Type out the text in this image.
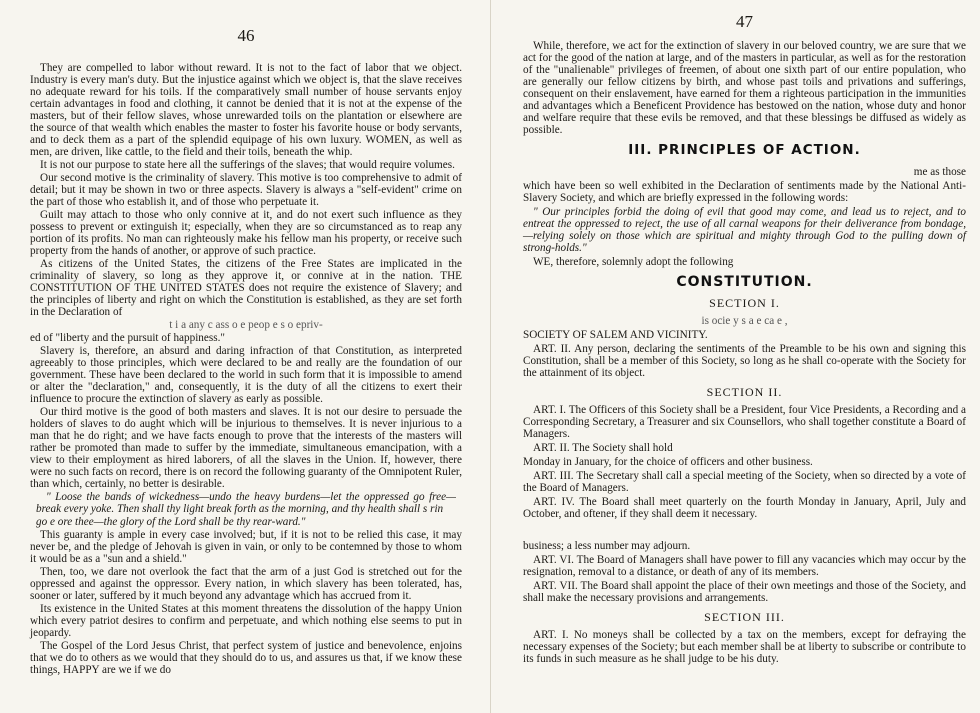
46

They are compelled to labor without reward. It is not to the fact of labor that we object. Industry is every man's duty. But the injustice against which we object is, that the slave receives no adequate reward for his toils. If the comparatively small number of house servants enjoy certain advantages in food and clothing, it cannot be denied that it is not at the expense of the masters, but of their fellow slaves, whose unrewarded toils on the plantation or elsewhere are the source of that wealth which enables the master to foster his favorite house or body servants, and to deck them as a part of the splendid equipage of his own luxury. WOMEN, as well as men, are driven, like cattle, to the field and their toils, beneath the whip.

It is not our purpose to state here all the sufferings of the slaves; that would require volumes.

Our second motive is the criminality of slavery. This motive is too comprehensive to admit of detail; but it may be shown in two or three aspects. Slavery is always a "self-evident" crime on the part of those who establish it, and of those who perpetuate it.

Guilt may attach to those who only connive at it, and do not exert such influence as they possess to prevent or extinguish it; especially, when they are so circumstanced as to reap any portion of its profits. No man can righteously make his fellow man his property, or receive such property from the hands of another, or approve of such practice.

As citizens of the United States, the citizens of the Free States are implicated in the criminality of slavery, so long as they approve it, or connive at in the nation. THE CONSTITUTION OF THE UNITED STATES does not require the existence of Slavery; and the principles of liberty and right on which the Constitution is established, as they are set forth in the Declaration of

t i a any c ass o e peop e s o epriv-

ed of "liberty and the pursuit of happiness."

Slavery is, therefore, an absurd and daring infraction of that Constitution, as interpreted agreeably to those principles, which were declared to be and really are the foundation of our government. These have been declared to the world in such form that it is impossible to amend or alter the "declaration," and, consequently, it is the duty of all the citizens to exert their influence to procure the extinction of slavery as early as possible.

Our third motive is the good of both masters and slaves. It is not our desire to persuade the holders of slaves to do aught which will be injurious to themselves. It is never injurious to a man that he do right; and we have facts enough to prove that the interests of the masters will rather be promoted than made to suffer by the immediate, simultaneous emancipation, with a view to their employment as hired laborers, of all the slaves in the Union. If, however, there were no such facts on record, there is on record the following guaranty of the Omnipotent Ruler, than which, certainly, no better is desirable.

" Loose the bands of wickedness—undo the heavy burdens—let the oppressed go free—break every yoke. Then shall thy light break forth as the morning, and thy health shall s rin

go e ore thee—the glory of the Lord shall be thy rear-ward."

This guaranty is ample in every case involved; but, if it is not to be relied this case, it may never be, and the pledge of Jehovah is given in vain, or only to be contemned by those to whom it would be as a "sun and a shield."

Then, too, we dare not overlook the fact that the arm of a just God is stretched out for the oppressed and against the oppressor. Every nation, in which slavery has been tolerated, has, sooner or later, suffered by it much beyond any advantage which has accrued from it.

Its existence in the United States at this moment threatens the dissolution of the happy Union which every patriot desires to confirm and perpetuate, and which nothing else seems to put in jeopardy.

The Gospel of the Lord Jesus Christ, that perfect system of justice and benevolence, enjoins that we do to others as we would that they should do to us, and assures us that, if we know these things, HAPPY are we if we do

47

While, therefore, we act for the extinction of slavery in our beloved country, we are sure that we act for the good of the nation at large, and of the masters in particular, as well as for the restoration of the "unalienable" privileges of freemen, of about one sixth part of our entire population, who are generally our fellow citizens by birth, and whose past toils and privations and sufferings, consequent on their enslavement, have earned for them a righteous participation in the immunities and advantages which a Beneficent Providence has bestowed on the nation, whose duty and honor and welfare require that these evils be removed, and that these blessings be diffused as widely as possible.

III. PRINCIPLES OF ACTION.

me as those

which have been so well exhibited in the Declaration of sentiments made by the National Anti-Slavery Society, and which are briefly expressed in the following words:

" Our principles forbid the doing of evil that good may come, and lead us to reject, and to entreat the oppressed to reject, the use of all carnal weapons for their deliverance from bondage,—relying solely on those which are spiritual and mighty through God to the pulling down of strong-holds."

WE, therefore, solemnly adopt the following

CONSTITUTION.
SECTION I.

is ocie y s a e ca e ,

SOCIETY OF SALEM AND VICINITY.

ART. II. Any person, declaring the sentiments of the Preamble to be his own and signing this Constitution, shall be a member of this Society, so long as he shall co-operate with the Society for the attainment of its object.

SECTION II.

ART. I. The Officers of this Society shall be a President, four Vice Presidents, a Recording and a Corresponding Secretary, a Treasurer and six Counsellors, who shall together constitute a Board of Managers.

ART. II. The Society shall hold

Monday in January, for the choice of officers and other business.

ART. III. The Secretary shall call a special meeting of the Society, when so directed by a vote of the Board of Managers.

ART. IV. The Board shall meet quarterly on the fourth Monday in January, April, July and October, and oftener, if they shall deem it necessary.

business; a less number may adjourn.

ART. VI. The Board of Managers shall have power to fill any vacancies which may occur by the resignation, removal to a distance, or death of any of its members.

ART. VII. The Board shall appoint the place of their own meetings and those of the Society, and shall make the necessary provisions and arrangements.

SECTION III.

ART. I. No moneys shall be collected by a tax on the members, except for defraying the necessary expenses of the Society; but each member shall be at liberty to subscribe or contribute to its funds in such measure as he shall judge to be his duty.
